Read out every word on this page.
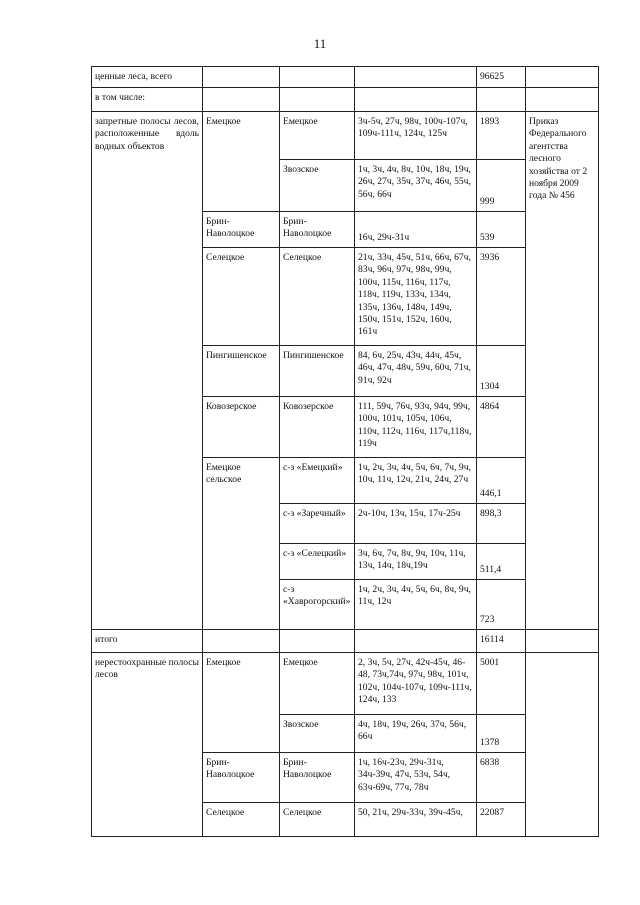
11
ценные леса, всего				96625	
в том числе:					
запретные полосы лесов, расположенные вдоль водных объектов	Емецкое	Емецкое	3ч-5ч, 27ч, 98ч, 100ч-107ч, 109ч-111ч, 124ч, 125ч	1893	Приказ Федерального агентства лесного хозяйства от 2 ноября 2009 года № 456
		Звозское	1ч, 3ч, 4ч, 8ч, 10ч, 18ч, 19ч, 26ч, 27ч, 35ч, 37ч, 46ч, 55ч, 56ч, 66ч	999	
	Брин-Наволоцкое	Брин-Наволоцкое	16ч, 29ч-31ч	539	
	Селецкое	Селецкое	21ч, 33ч, 45ч, 51ч, 66ч, 67ч, 83ч, 96ч, 97ч, 98ч, 99ч, 100ч, 115ч, 116ч, 117ч, 118ч, 119ч, 133ч, 134ч, 135ч, 136ч, 148ч, 149ч, 150ч, 151ч, 152ч, 160ч, 161ч	3936	
	Пингишенское	Пингишенское	84, 6ч, 25ч, 43ч, 44ч, 45ч, 46ч, 47ч, 48ч, 59ч, 60ч, 71ч, 91ч, 92ч	1304	
	Ковозерское	Ковозерское	111, 59ч, 76ч, 93ч, 94ч, 99ч, 100ч, 101ч, 105ч, 106ч, 110ч, 112ч, 116ч, 117ч,118ч, 119ч	4864	
	Емецкое сельское	с-з «Емецкий»	1ч, 2ч, 3ч, 4ч, 5ч, 6ч, 7ч, 9ч, 10ч, 11ч, 12ч, 21ч, 24ч, 27ч	446,1	
		с-з «Заречный»	2ч-10ч, 13ч, 15ч, 17ч-25ч	898,3	
		с-з «Селецкий»	3ч, 6ч, 7ч, 8ч, 9ч, 10ч, 11ч, 13ч, 14ч, 18ч,19ч	511,4	
		с-з «Хаврогорский»	1ч, 2ч, 3ч, 4ч, 5ч, 6ч, 8ч, 9ч, 11ч, 12ч	723	
итого				16114	
нерестоохранные полосы лесов	Емецкое	Емецкое	2, 3ч, 5ч, 27ч, 42ч-45ч, 46-48, 73ч,74ч, 97ч, 98ч, 101ч, 102ч, 104ч-107ч, 109ч-111ч, 124ч, 133	5001	
		Звозское	4ч, 18ч, 19ч, 26ч, 37ч, 56ч, 66ч	1378	
	Брин-Наволоцкое	Брин-Наволоцкое	1ч, 16ч-23ч, 29ч-31ч, 34ч-39ч, 47ч, 53ч, 54ч, 63ч-69ч, 77ч, 78ч	6838	
	Селецкое	Селецкое	50, 21ч, 29ч-33ч, 39ч-45ч,	22087	
